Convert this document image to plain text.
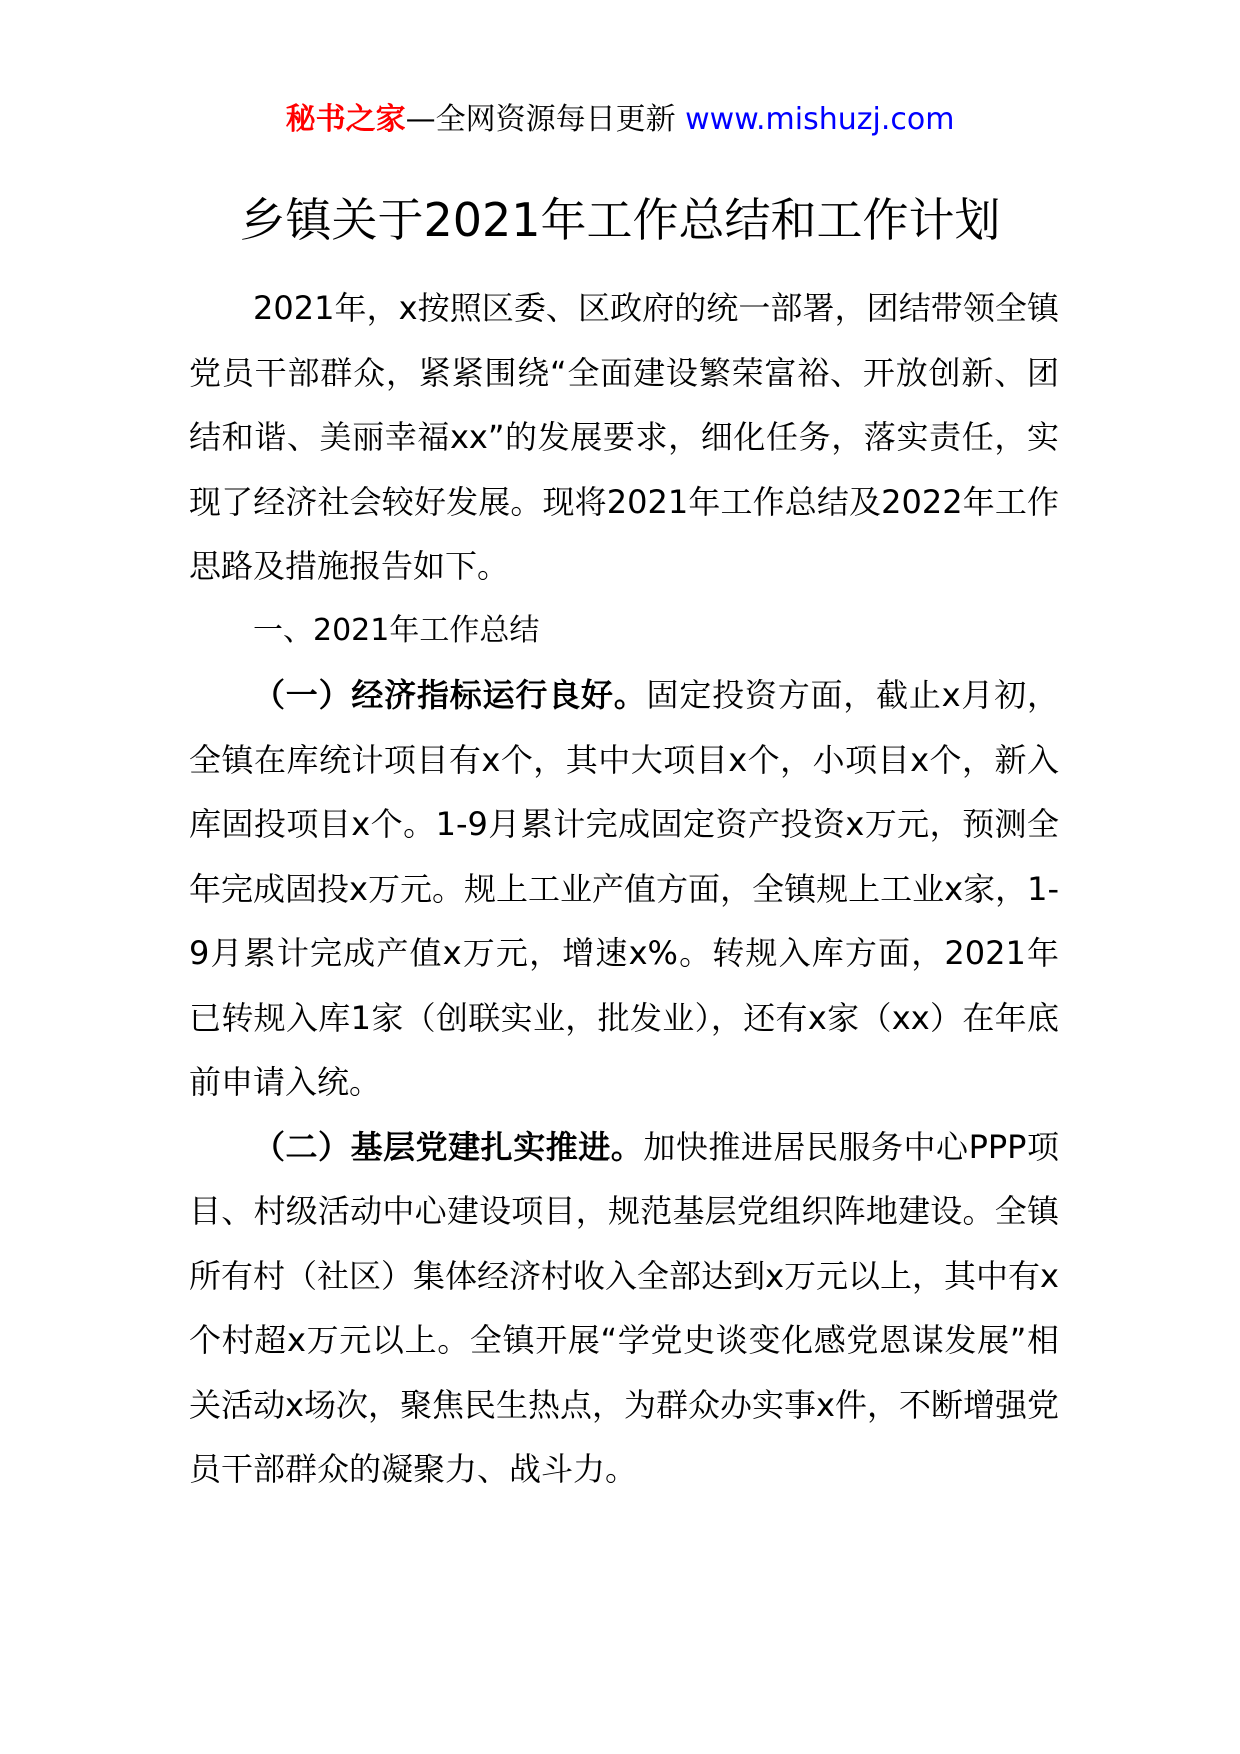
秘书之家—全网资源每日更新 www.mishuzj.com
乡镇关于2021年工作总结和工作计划

2021年，x按照区委、区政府的统一部署，团结带领全镇党员干部群众，紧紧围绕“全面建设繁荣富裕、开放创新、团结和谐、美丽幸福xx”的发展要求，细化任务，落实责任，实现了经济社会较好发展。现将2021年工作总结及2022年工作思路及措施报告如下。

一、2021年工作总结

（一）经济指标运行良好。固定投资方面，截止x月初，全镇在库统计项目有x个，其中大项目x个，小项目x个，新入库固投项目x个。1-9月累计完成固定资产投资x万元，预测全年完成固投x万元。规上工业产值方面，全镇规上工业x家，1-9月累计完成产值x万元，增速x%。转规入库方面，2021年已转规入库1家（创联实业，批发业），还有x家（xx）在年底前申请入统。

（二）基层党建扎实推进。加快推进居民服务中心PPP项目、村级活动中心建设项目，规范基层党组织阵地建设。全镇所有村（社区）集体经济村收入全部达到x万元以上，其中有x个村超x万元以上。全镇开展“学党史谈变化感党恩谋发展”相关活动x场次，聚焦民生热点，为群众办实事x件，不断增强党员干部群众的凝聚力、战斗力。
